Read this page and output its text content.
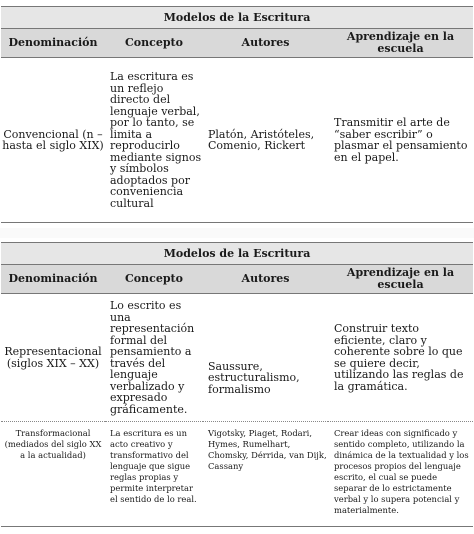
Modelos de la Escritura			
Denominación	Concepto	Autores	Aprendizaje en la escuela
Convencional (n – hasta el siglo XIX)	La escritura es un reflejo directo del lenguaje verbal, por lo tanto, se limita a reproducirlo mediante signos y símbolos adoptados por conveniencia cultural	Platón, Aristóteles, Comenio, Rickert	Transmitir el arte de “saber escribir” o plasmar el pensamiento en el papel.
Modelos de la Escritura			
Denominación	Concepto	Autores	Aprendizaje en la escuela
Representacional (siglos XIX – XX)	Lo escrito es una representación formal del pensamiento a través del lenguaje verbalizado y expresado gráficamente.	Saussure, estructuralismo, formalismo	Construir texto eficiente, claro y coherente sobre lo que se quiere decir, utilizando las reglas de la gramática.
Transformacional (mediados del siglo XX a la actualidad)	La escritura es un acto creativo y transformativo del lenguaje que sigue reglas propias y permite interpretar el sentido de lo real.	Vigotsky, Piaget, Rodari, Hymes, Rumelhart, Chomsky, Dérrida, van Dijk, Cassany	Crear ideas con significado y sentido completo, utilizando la dinámica de la textualidad y los procesos propios del lenguaje escrito, el cual se puede separar de lo estrictamente verbal y lo supera potencial y materialmente.
